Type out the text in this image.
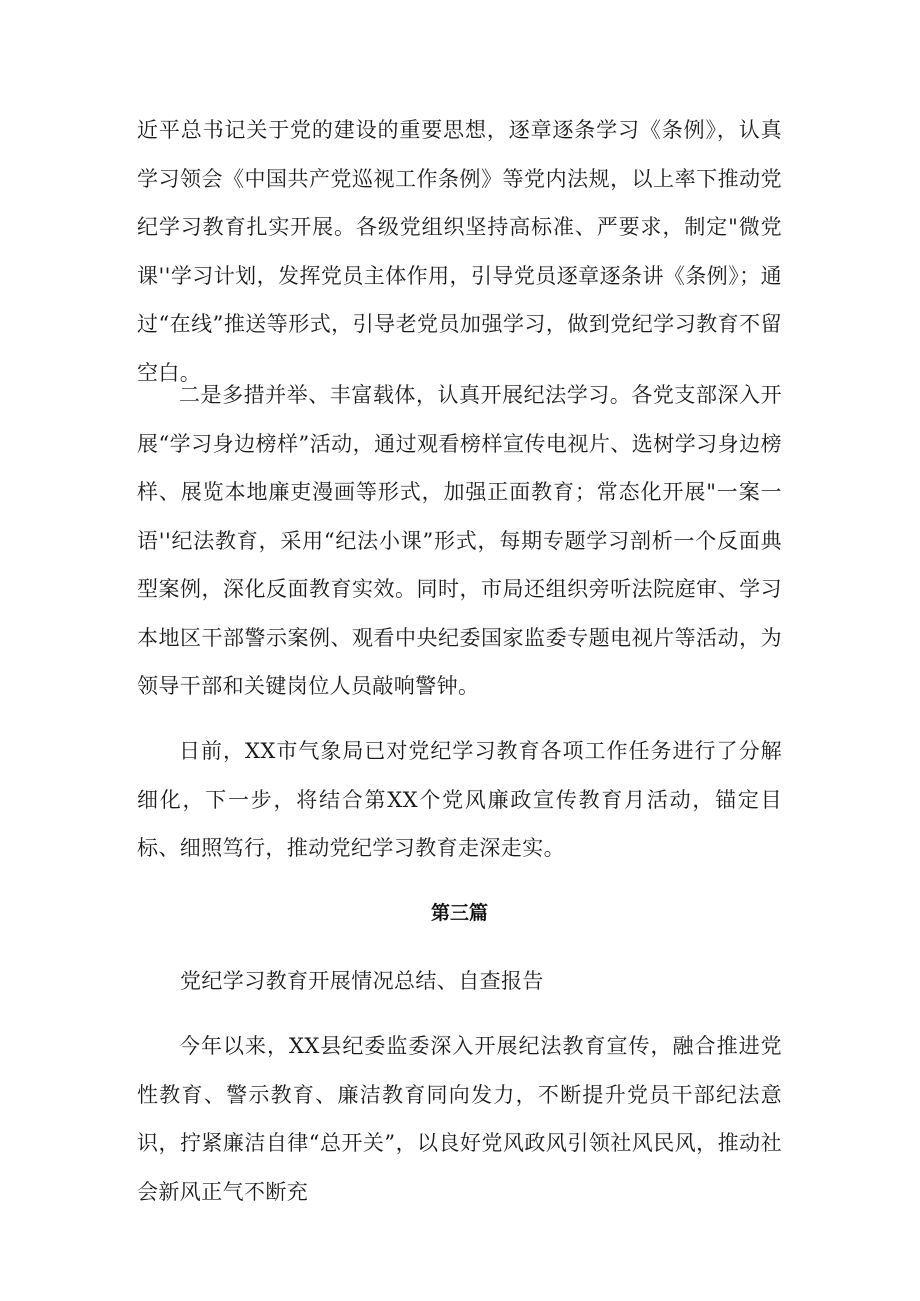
近平总书记关于党的建设的重要思想，逐章逐条学习《条例》，认真学习领会《中国共产党巡视工作条例》等党内法规，以上率下推动党纪学习教育扎实开展。各级党组织坚持高标准、严要求，制定"微党课''学习计划，发挥党员主体作用，引导党员逐章逐条讲《条例》；通过“在线”推送等形式，引导老党员加强学习，做到党纪学习教育不留空白。

二是多措并举、丰富载体，认真开展纪法学习。各党支部深入开展“学习身边榜样”活动，通过观看榜样宣传电视片、选树学习身边榜样、展览本地廉吏漫画等形式，加强正面教育；常态化开展"一案一语''纪法教育，采用“纪法小课”形式，每期专题学习剖析一个反面典型案例，深化反面教育实效。同时，市局还组织旁听法院庭审、学习本地区干部警示案例、观看中央纪委国家监委专题电视片等活动，为领导干部和关键岗位人员敲响警钟。

日前，XX市气象局已对党纪学习教育各项工作任务进行了分解细化，下一步，将结合第XX个党风廉政宣传教育月活动，锚定目标、细照笃行，推动党纪学习教育走深走实。

第三篇

党纪学习教育开展情况总结、自查报告

今年以来，XX县纪委监委深入开展纪法教育宣传，融合推进党性教育、警示教育、廉洁教育同向发力，不断提升党员干部纪法意识，拧紧廉洁自律“总开关”，以良好党风政风引领社风民风，推动社会新风正气不断充
